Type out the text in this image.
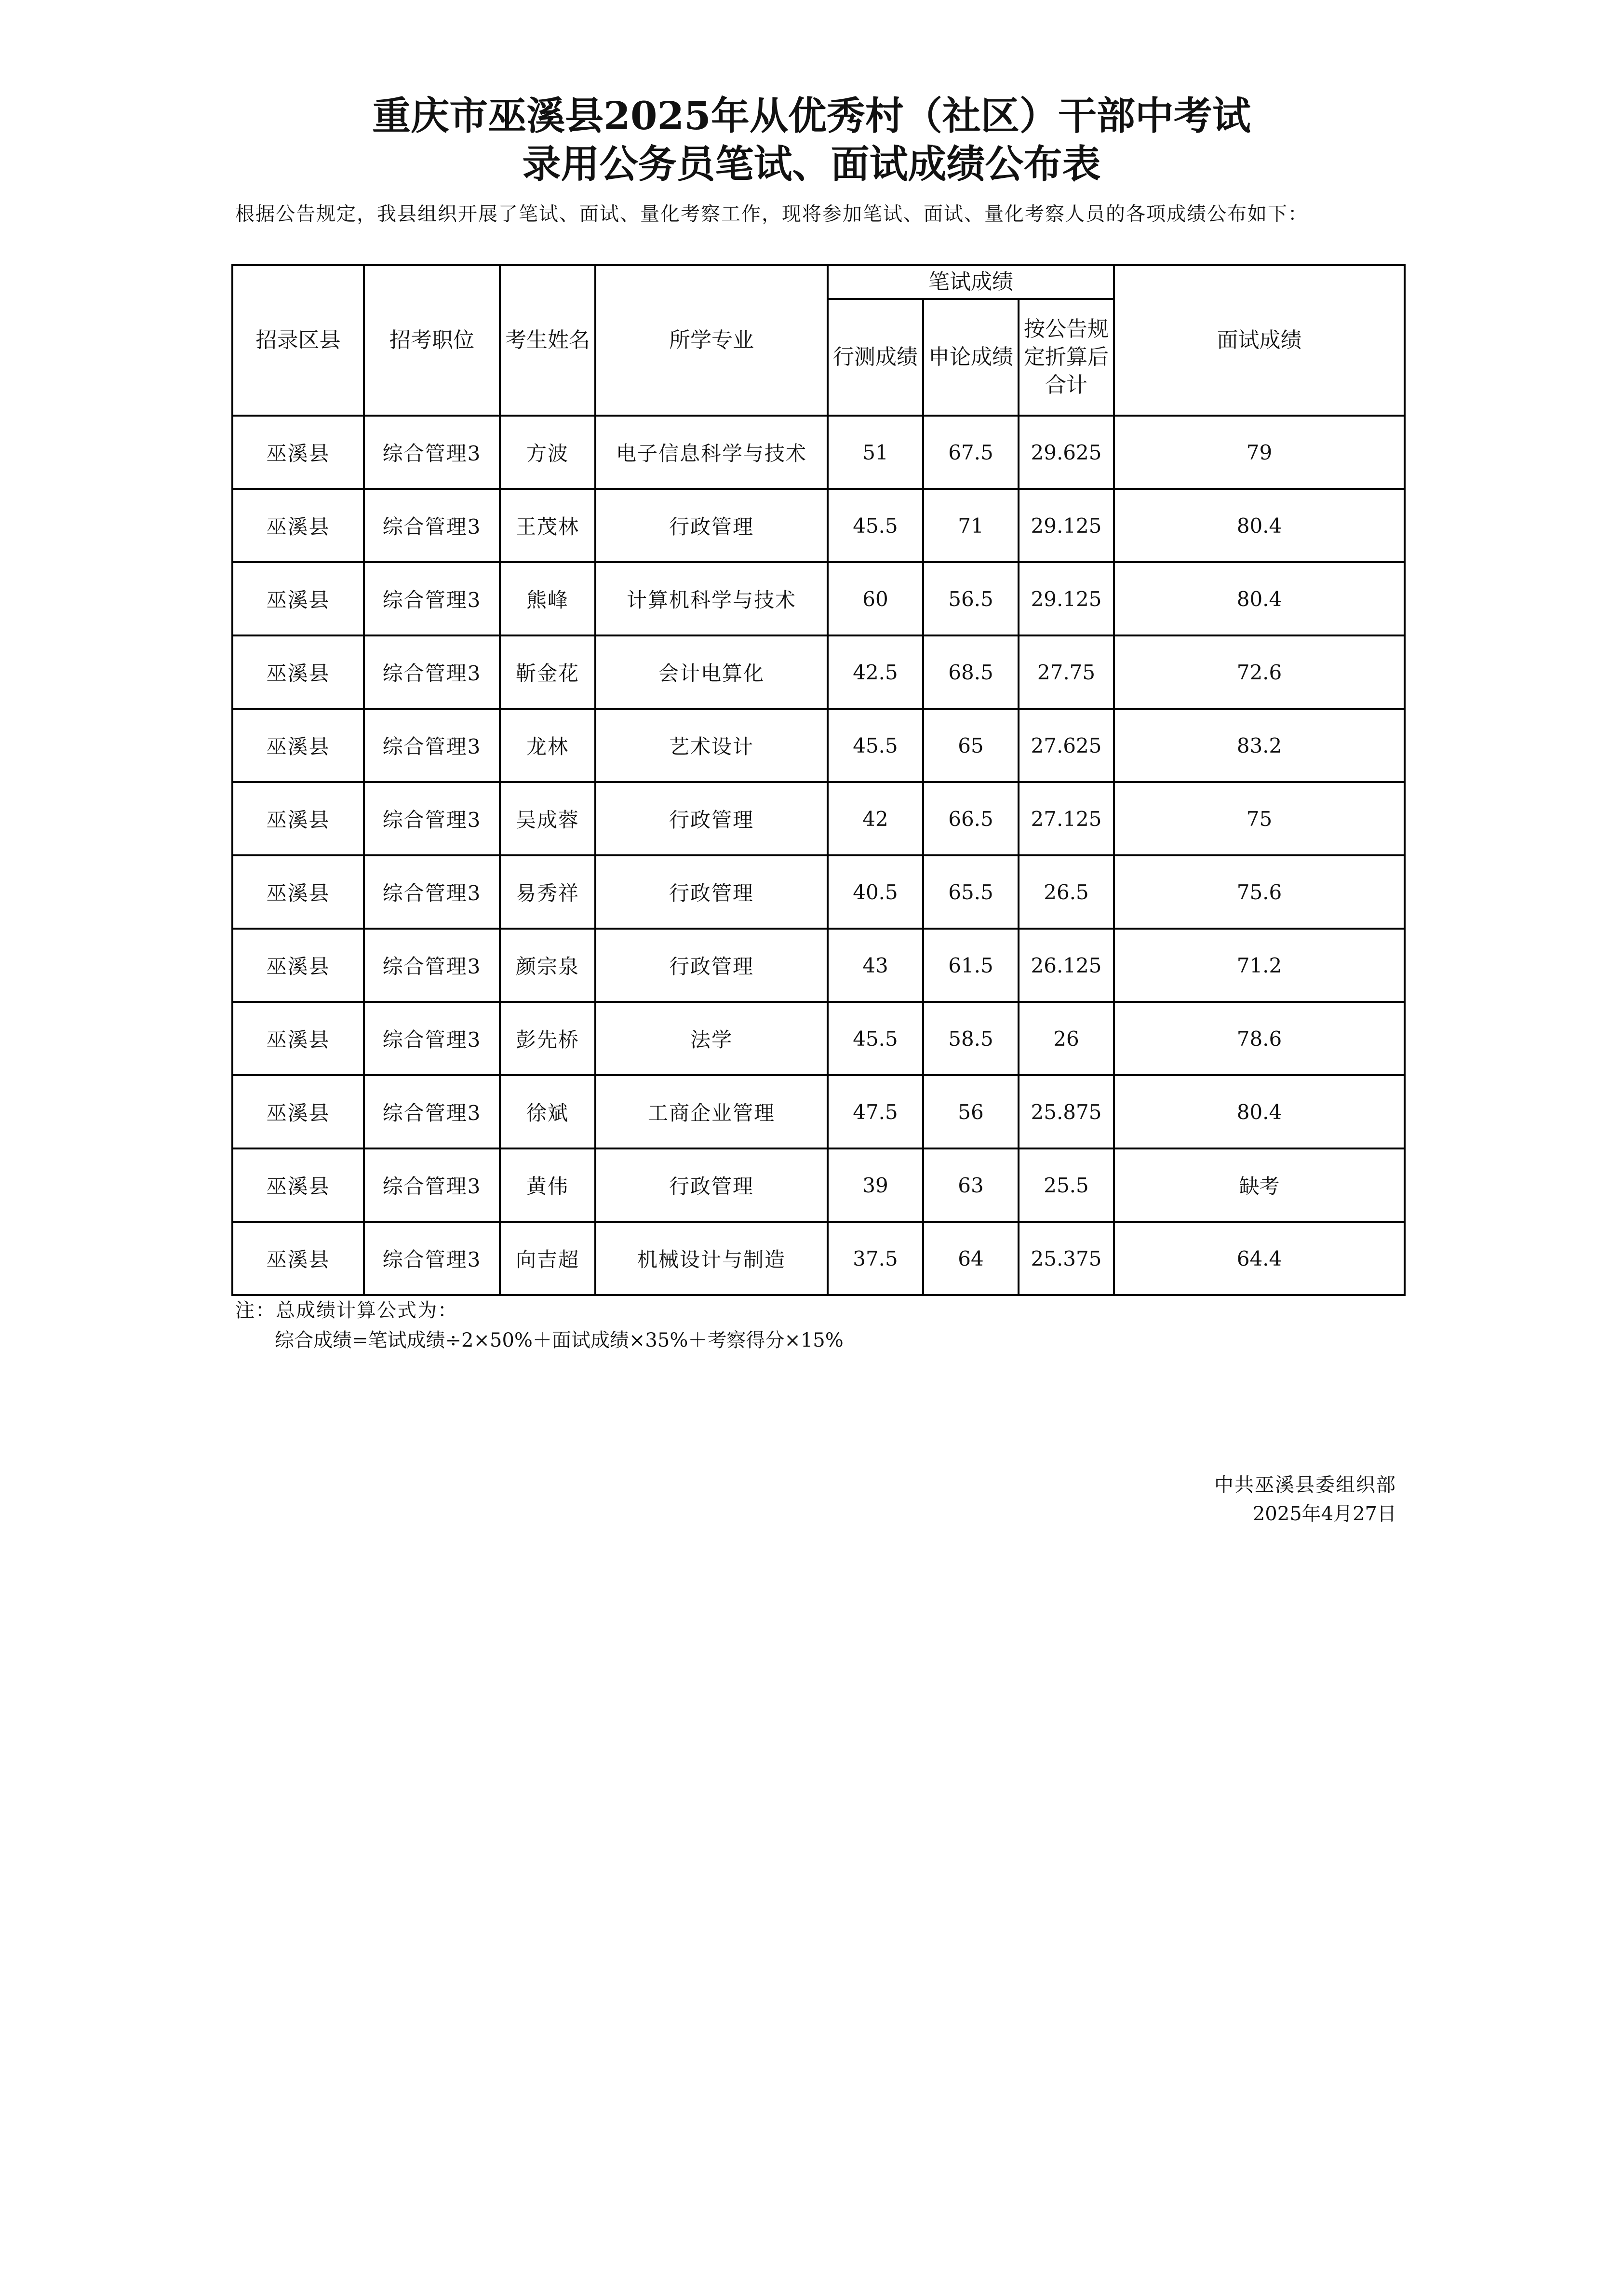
重庆市巫溪县2025年从优秀村（社区）干部中考试
录用公务员笔试、面试成绩公布表
根据公告规定，我县组织开展了笔试、面试、量化考察工作，现将参加笔试、面试、量化考察人员的各项成绩公布如下：
招录区县	招考职位	考生姓名	所学专业	笔试成绩			面试成绩
				行测成绩	申论成绩	按公告规定折算后合计	
巫溪县	综合管理3	方波	电子信息科学与技术	51	67.5	29.625	79
巫溪县	综合管理3	王茂林	行政管理	45.5	71	29.125	80.4
巫溪县	综合管理3	熊峰	计算机科学与技术	60	56.5	29.125	80.4
巫溪县	综合管理3	靳金花	会计电算化	42.5	68.5	27.75	72.6
巫溪县	综合管理3	龙林	艺术设计	45.5	65	27.625	83.2
巫溪县	综合管理3	吴成蓉	行政管理	42	66.5	27.125	75
巫溪县	综合管理3	易秀祥	行政管理	40.5	65.5	26.5	75.6
巫溪县	综合管理3	颜宗泉	行政管理	43	61.5	26.125	71.2
巫溪县	综合管理3	彭先桥	法学	45.5	58.5	26	78.6
巫溪县	综合管理3	徐斌	工商企业管理	47.5	56	25.875	80.4
巫溪县	综合管理3	黄伟	行政管理	39	63	25.5	缺考
巫溪县	综合管理3	向吉超	机械设计与制造	37.5	64	25.375	64.4
注：总成绩计算公式为：
综合成绩=笔试成绩÷2×50%＋面试成绩×35%＋考察得分×15%
中共巫溪县委组织部
2025年4月27日
